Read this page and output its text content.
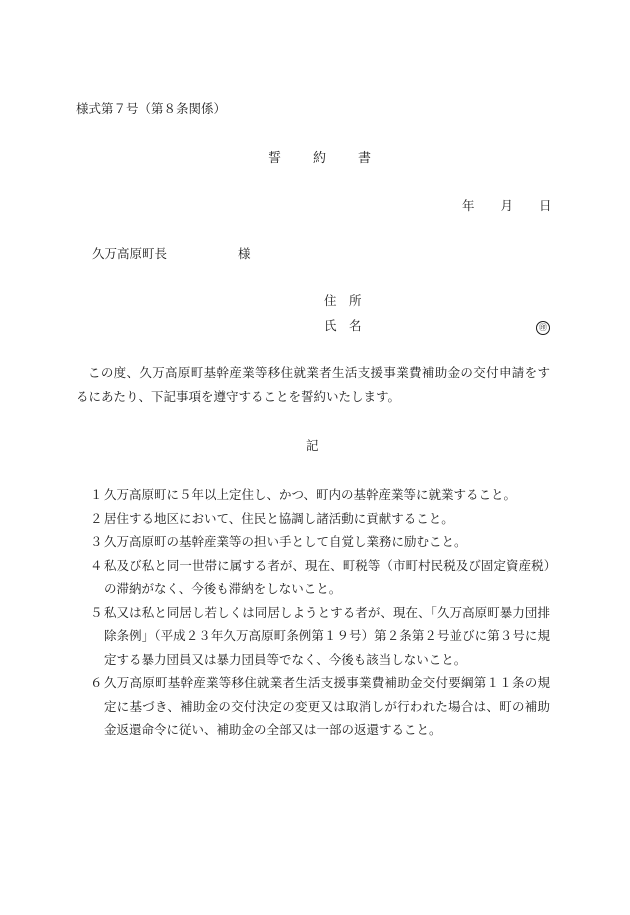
様式第７号（第８条関係）
誓 約 書
年 月 日
久万高原町長	様
住　所
氏　名	㊞
この度、久万高原町基幹産業等移住就業者生活支援事業費補助金の交付申請をするにあたり、下記事項を遵守することを誓約いたします。
記
１ 久万高原町に５年以上定住し、かつ、町内の基幹産業等に就業すること。
２ 居住する地区において、住民と協調し諸活動に貢献すること。
３ 久万高原町の基幹産業等の担い手として自覚し業務に励むこと。
４ 私及び私と同一世帯に属する者が、現在、町税等（市町村民税及び固定資産税）の滞納がなく、今後も滞納をしないこと。
５ 私又は私と同居し若しくは同居しようとする者が、現在、「久万高原町暴力団排除条例」（平成２３年久万高原町条例第１９号）第２条第２号並びに第３号に規定する暴力団員又は暴力団員等でなく、今後も該当しないこと。
６ 久万高原町基幹産業等移住就業者生活支援事業費補助金交付要綱第１１条の規定に基づき、補助金の交付決定の変更又は取消しが行われた場合は、町の補助金返還命令に従い、補助金の全部又は一部の返還すること。
